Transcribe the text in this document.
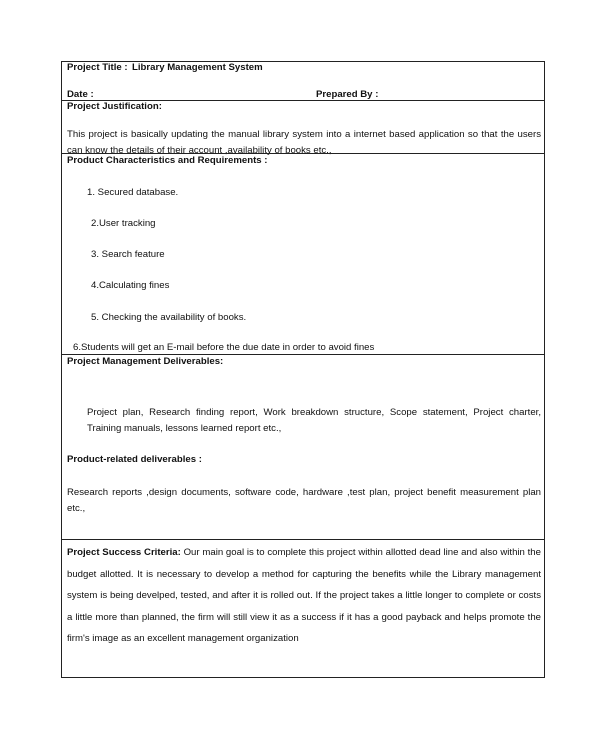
Project Title : Library Management System
Date :	Prepared By :
Project Justification:
This project is basically updating the manual library system into a internet based application so that the users can know the details of their account ,availability of books etc.,
Product Characteristics and Requirements :
1. Secured database.
2.User tracking
3. Search feature
4.Calculating fines
5. Checking the availability of books.
6.Students will get an E-mail before the due date in order to avoid fines
Project Management Deliverables:
Project plan, Research finding report, Work breakdown structure, Scope statement, Project charter, Training manuals, lessons learned report etc.,
Product-related deliverables :
Research reports ,design documents, software code, hardware ,test plan, project benefit measurement plan etc.,
Project Success Criteria: Our main goal is to complete this project within allotted dead line and also within the budget allotted. It is necessary to develop a method for capturing the benefits while the Library management system is being develped, tested, and after it is rolled out. If the project takes a little longer to complete or costs a little more than planned, the firm will still view it as a success if it has a good payback and helps promote the firm's image as an excellent management organization
